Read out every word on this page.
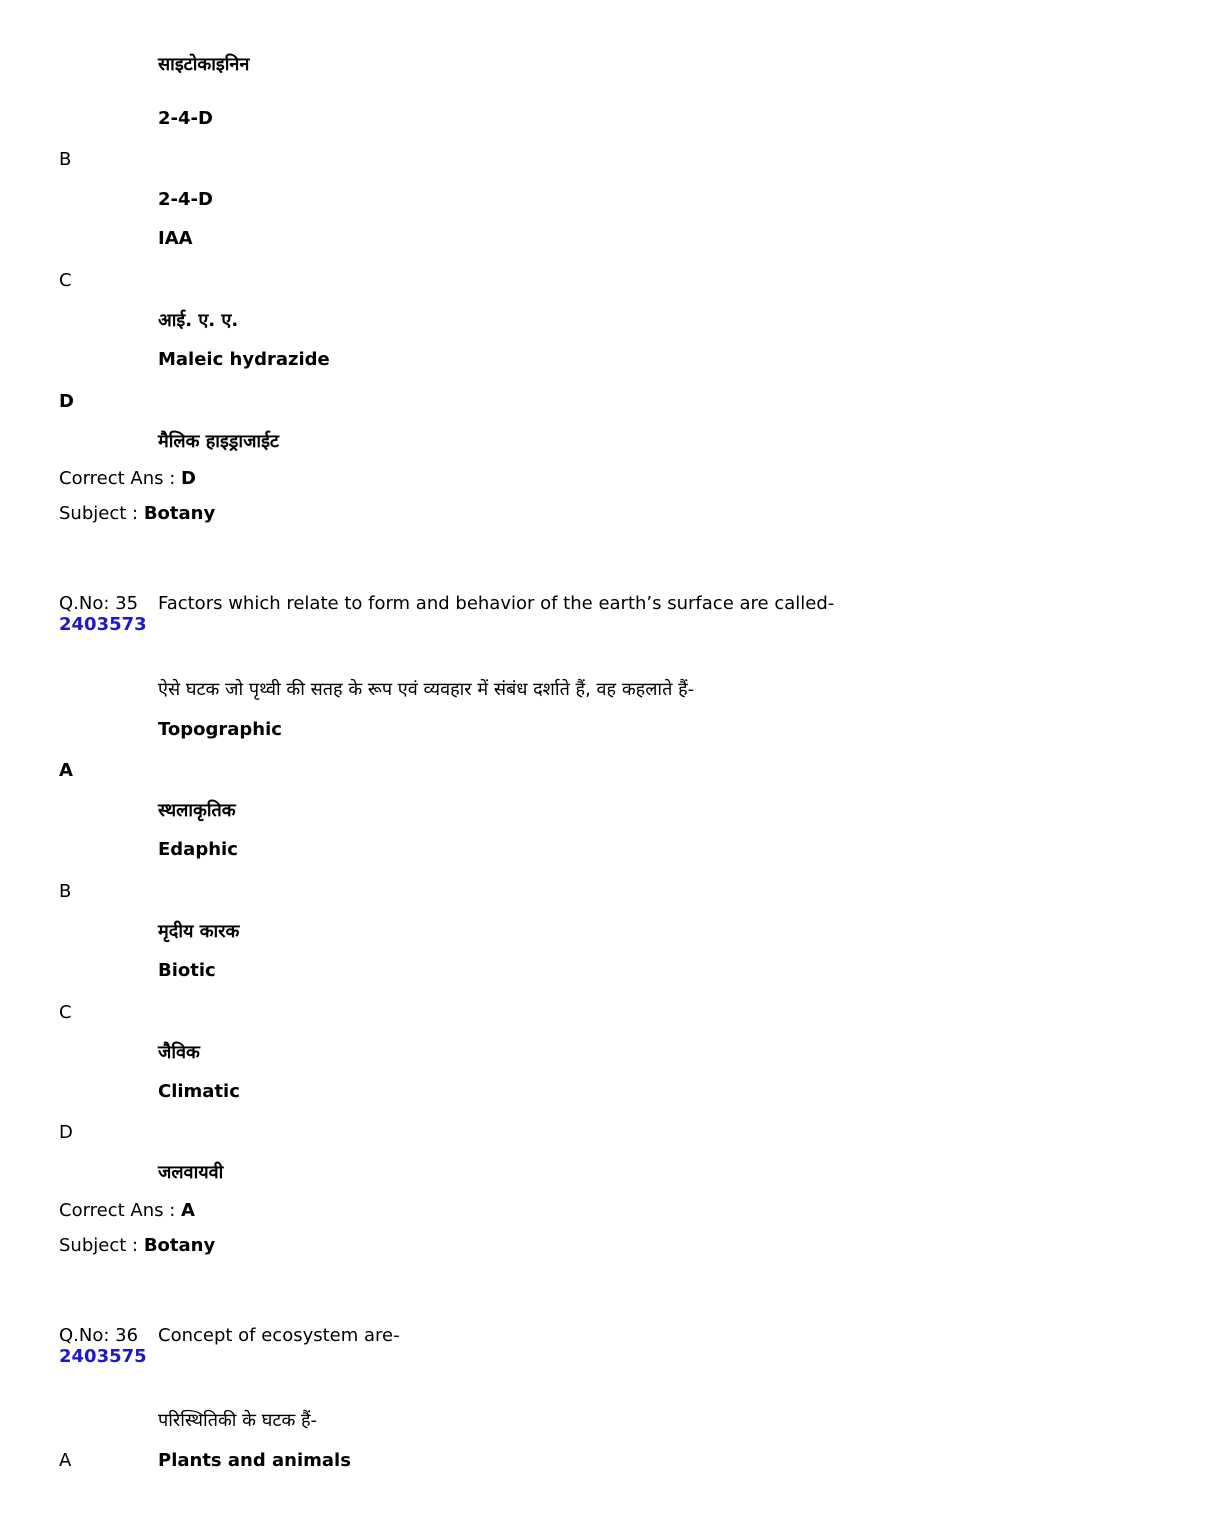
साइटोकाइनिन
2-4-D
B
2-4-D
IAA
C
आई. ए. ए.
Maleic hydrazide
D
मैलिक हाइड्राजाईट
Correct Ans : D
Subject : Botany
Q.No: 35
2403573
Factors which relate to form and behavior of the earth’s surface are called-
ऐसे घटक जो पृथ्वी की सतह के रूप एवं व्यवहार में संबंध दर्शाते हैं, वह कहलाते हैं-
Topographic
A
स्थलाकृतिक
Edaphic
B
मृदीय कारक
Biotic
C
जैविक
Climatic
D
जलवायवी
Correct Ans : A
Subject : Botany
Q.No: 36
2403575
Concept of ecosystem are-
परिस्थितिकी के घटक हैं-
A	Plants and animals
